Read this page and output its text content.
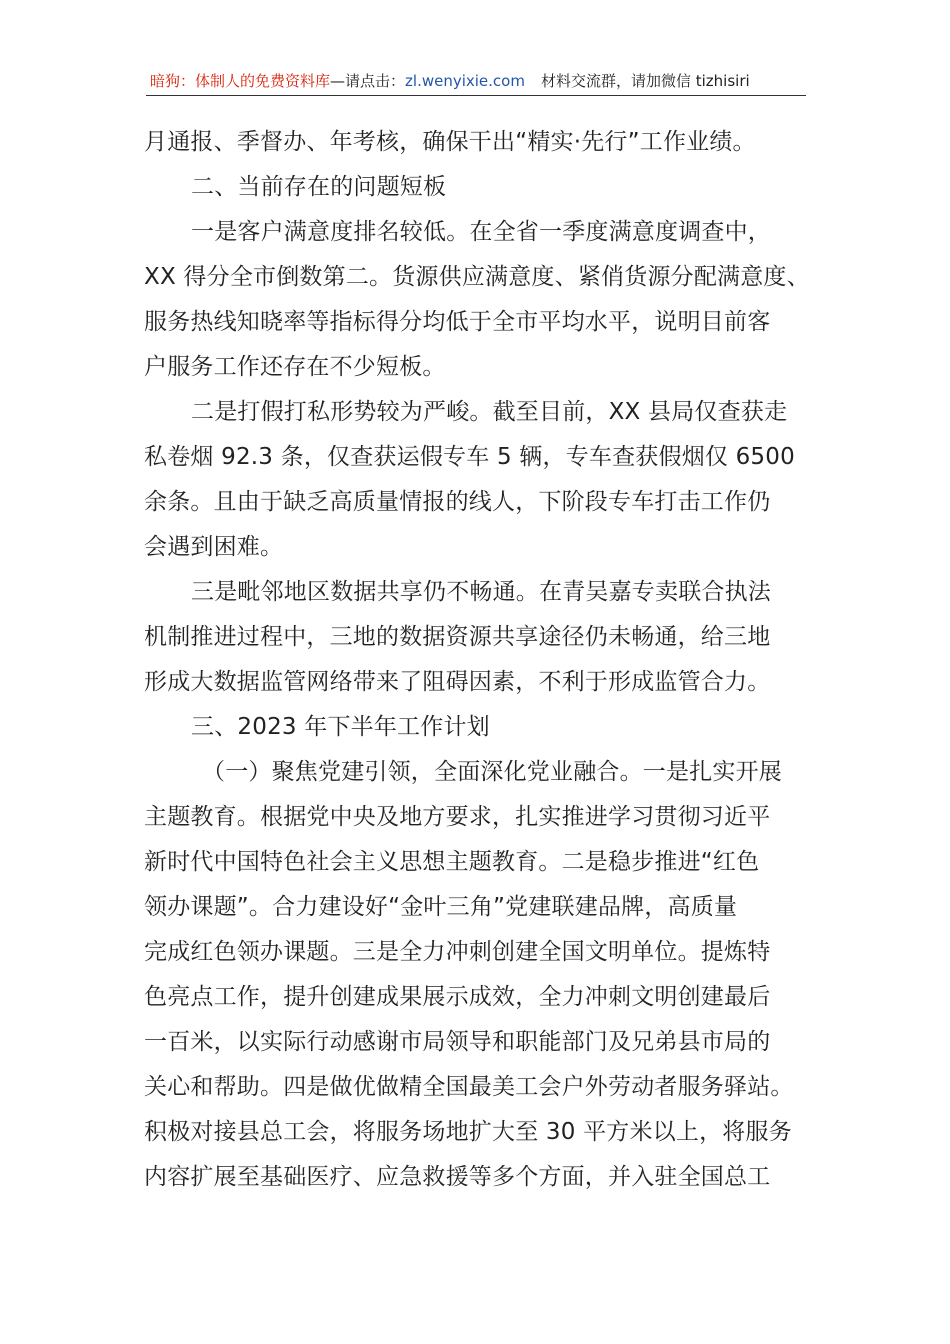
暗狗：体制人的免费资料库—请点击：zl.wenyixie.com 材料交流群，请加微信 tizhisiri
月通报、季督办、年考核，确保干出“精实·先行”工作业绩。
二、当前存在的问题短板
一是客户满意度排名较低。在全省一季度满意度调查中，
XX 得分全市倒数第二。货源供应满意度、紧俏货源分配满意度、
服务热线知晓率等指标得分均低于全市平均水平，说明目前客
户服务工作还存在不少短板。
二是打假打私形势较为严峻。截至目前，XX 县局仅查获走
私卷烟 92.3 条，仅查获运假专车 5 辆，专车查获假烟仅 6500
余条。且由于缺乏高质量情报的线人，下阶段专车打击工作仍
会遇到困难。
三是毗邻地区数据共享仍不畅通。在青吴嘉专卖联合执法
机制推进过程中，三地的数据资源共享途径仍未畅通，给三地
形成大数据监管网络带来了阻碍因素，不利于形成监管合力。
三、2023 年下半年工作计划
（一）聚焦党建引领，全面深化党业融合。一是扎实开展
主题教育。根据党中央及地方要求，扎实推进学习贯彻习近平
新时代中国特色社会主义思想主题教育。二是稳步推进“红色
领办课题”。合力建设好“金叶三角”党建联建品牌，高质量
完成红色领办课题。三是全力冲刺创建全国文明单位。提炼特
色亮点工作，提升创建成果展示成效，全力冲刺文明创建最后
一百米，以实际行动感谢市局领导和职能部门及兄弟县市局的
关心和帮助。四是做优做精全国最美工会户外劳动者服务驿站。
积极对接县总工会，将服务场地扩大至 30 平方米以上，将服务
内容扩展至基础医疗、应急救援等多个方面，并入驻全国总工
